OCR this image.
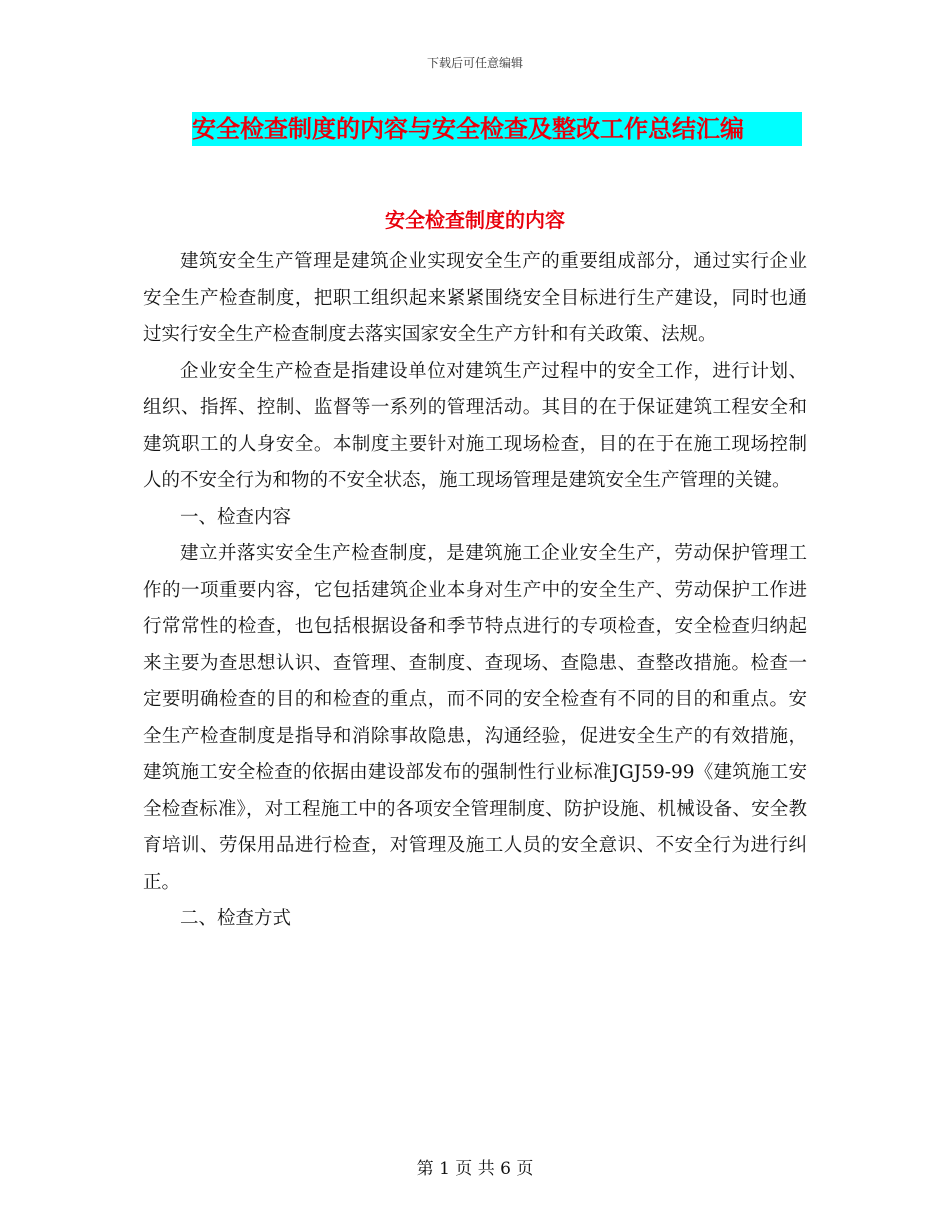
下载后可任意编辑
安全检查制度的内容与安全检查及整改工作总结汇编
安全检查制度的内容

建筑安全生产管理是建筑企业实现安全生产的重要组成部分，通过实行企业安全生产检查制度，把职工组织起来紧紧围绕安全目标进行生产建设，同时也通过实行安全生产检查制度去落实国家安全生产方针和有关政策、法规。

企业安全生产检查是指建设单位对建筑生产过程中的安全工作，进行计划、组织、指挥、控制、监督等一系列的管理活动。其目的在于保证建筑工程安全和建筑职工的人身安全。本制度主要针对施工现场检查，目的在于在施工现场控制人的不安全行为和物的不安全状态，施工现场管理是建筑安全生产管理的关键。

一、检查内容

建立并落实安全生产检查制度，是建筑施工企业安全生产，劳动保护管理工作的一项重要内容，它包括建筑企业本身对生产中的安全生产、劳动保护工作进行常常性的检查，也包括根据设备和季节特点进行的专项检查，安全检查归纳起来主要为查思想认识、查管理、查制度、查现场、查隐患、查整改措施。检查一定要明确检查的目的和检查的重点，而不同的安全检查有不同的目的和重点。安全生产检查制度是指导和消除事故隐患，沟通经验，促进安全生产的有效措施，建筑施工安全检查的依据由建设部发布的强制性行业标准JGJ59-99《建筑施工安全检查标准》，对工程施工中的各项安全管理制度、防护设施、机械设备、安全教育培训、劳保用品进行检查，对管理及施工人员的安全意识、不安全行为进行纠正。

二、检查方式

第 1 页 共 6 页
